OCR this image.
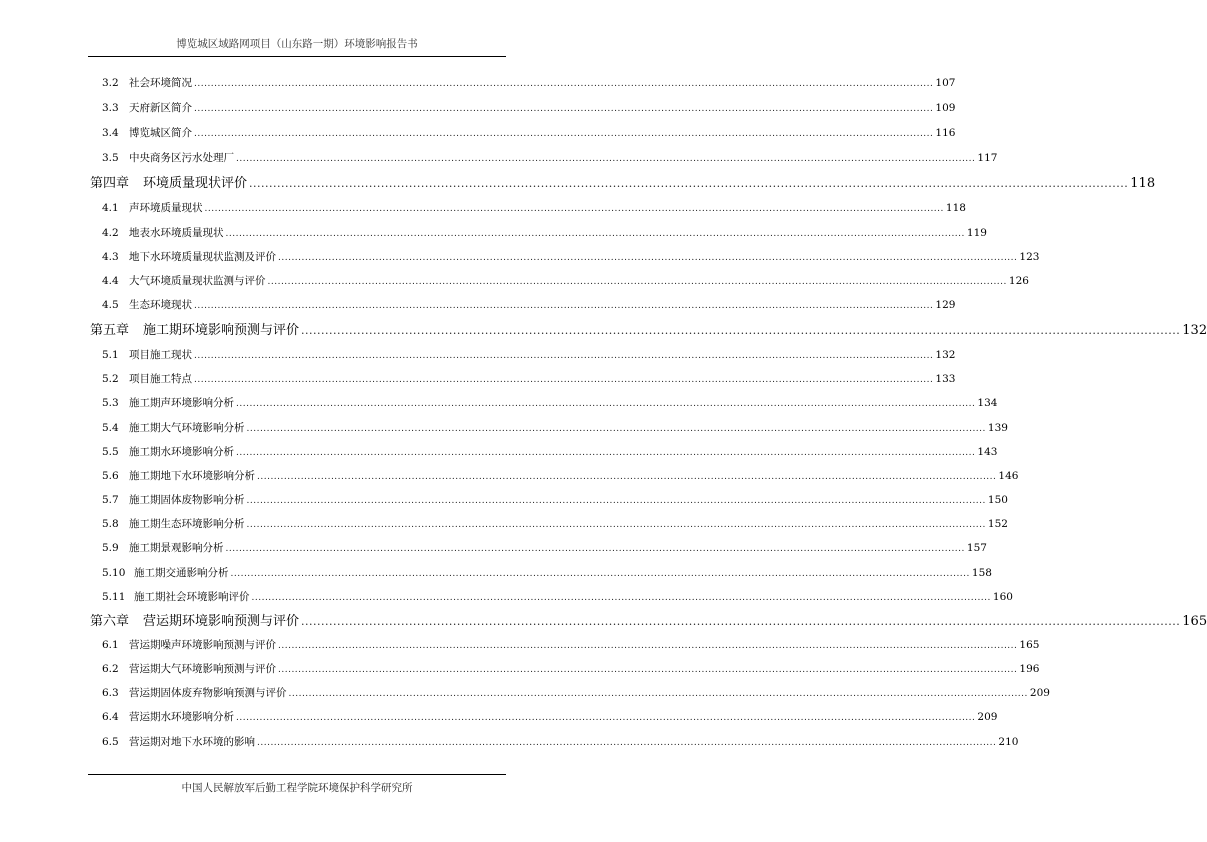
博览城区域路网项目（山东路一期）环境影响报告书
3.2 社会环境简况 ............................................................................................................................................................................................................................ 107
3.3 天府新区简介 ............................................................................................................................................................................................................................ 109
3.4 博览城区简介 ............................................................................................................................................................................................................................ 116
3.5 中央商务区污水处理厂 ............................................................................................................................................................................................................................ 117
第四章 环境质量现状评价 ............................................................................................................................................................................................................................ 118
4.1 声环境质量现状 ............................................................................................................................................................................................................................ 118
4.2 地表水环境质量现状 ............................................................................................................................................................................................................................ 119
4.3 地下水环境质量现状监测及评价 ............................................................................................................................................................................................................................ 123
4.4 大气环境质量现状监测与评价 ............................................................................................................................................................................................................................ 126
4.5 生态环境现状 ............................................................................................................................................................................................................................ 129
第五章 施工期环境影响预测与评价 ............................................................................................................................................................................................................................ 132
5.1 项目施工现状 ............................................................................................................................................................................................................................ 132
5.2 项目施工特点 ............................................................................................................................................................................................................................ 133
5.3 施工期声环境影响分析 ............................................................................................................................................................................................................................ 134
5.4 施工期大气环境影响分析 ............................................................................................................................................................................................................................ 139
5.5 施工期水环境影响分析 ............................................................................................................................................................................................................................ 143
5.6 施工期地下水环境影响分析 ............................................................................................................................................................................................................................ 146
5.7 施工期固体废物影响分析 ............................................................................................................................................................................................................................ 150
5.8 施工期生态环境影响分析 ............................................................................................................................................................................................................................ 152
5.9 施工期景观影响分析 ............................................................................................................................................................................................................................ 157
5.10 施工期交通影响分析 ............................................................................................................................................................................................................................ 158
5.11 施工期社会环境影响评价 ............................................................................................................................................................................................................................ 160
第六章 营运期环境影响预测与评价 ............................................................................................................................................................................................................................ 165
6.1 营运期噪声环境影响预测与评价 ............................................................................................................................................................................................................................ 165
6.2 营运期大气环境影响预测与评价 ............................................................................................................................................................................................................................ 196
6.3 营运期固体废弃物影响预测与评价 ............................................................................................................................................................................................................................ 209
6.4 营运期水环境影响分析 ............................................................................................................................................................................................................................ 209
6.5 营运期对地下水环境的影响 ............................................................................................................................................................................................................................ 210
中国人民解放军后勤工程学院环境保护科学研究所
